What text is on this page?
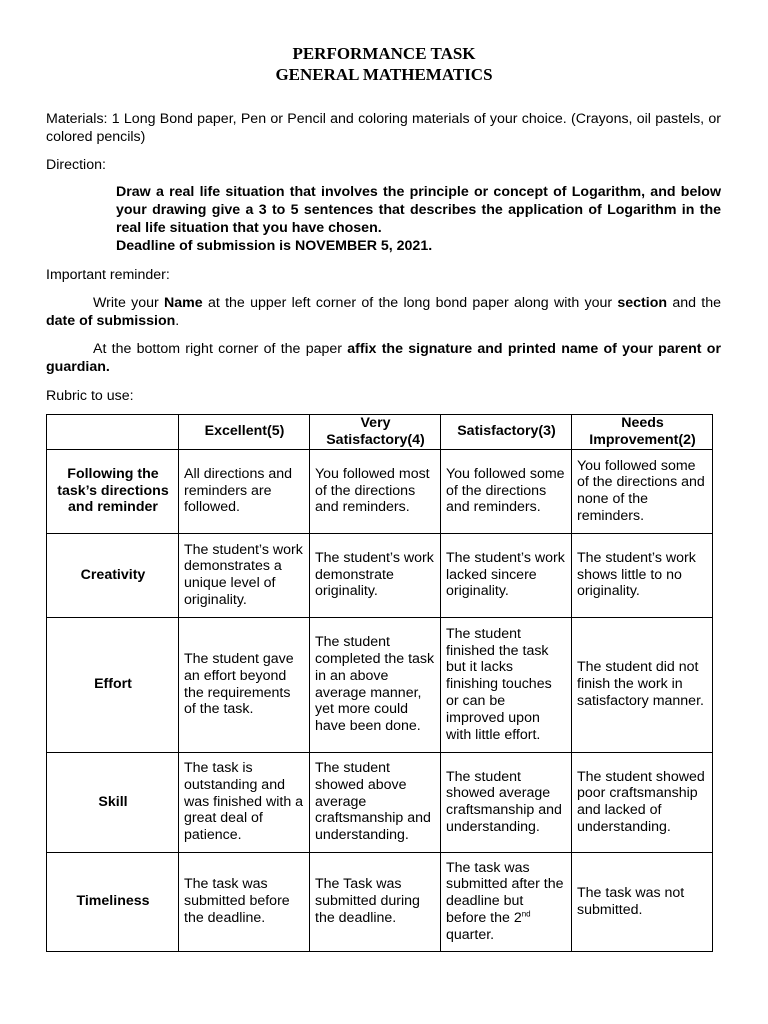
PERFORMANCE TASK
GENERAL MATHEMATICS
Materials: 1 Long Bond paper, Pen or Pencil and coloring materials of your choice. (Crayons, oil pastels, or colored pencils)
Direction:
Draw a real life situation that involves the principle or concept of Logarithm, and below your drawing give a 3 to 5 sentences that describes the application of Logarithm in the real life situation that you have chosen.
Deadline of submission is NOVEMBER 5, 2021.
Important reminder:
Write your Name at the upper left corner of the long bond paper along with your section and the date of submission.
At the bottom right corner of the paper affix the signature and printed name of your parent or guardian.
Rubric to use:
	Excellent(5)	Very Satisfactory(4)	Satisfactory(3)	Needs Improvement(2)
Following the task’s directions and reminder	All directions and reminders are followed.	You followed most of the directions and reminders.	You followed some of the directions and reminders.	You followed some of the directions and none of the reminders.
Creativity	The student’s work demonstrates a unique level of originality.	The student’s work demonstrate originality.	The student’s work lacked sincere originality.	The student’s work shows little to no originality.
Effort	The student gave an effort beyond the requirements of the task.	The student completed the task in an above average manner, yet more could have been done.	The student finished the task but it lacks finishing touches or can be improved upon with little effort.	The student did not finish the work in satisfactory manner.
Skill	The task is outstanding and was finished with a great deal of patience.	The student showed above average craftsmanship and understanding.	The student showed average craftsmanship and understanding.	The student showed poor craftsmanship and lacked of understanding.
Timeliness	The task was submitted before the deadline.	The Task was submitted during the deadline.	The task was submitted after the deadline but before the 2nd quarter.	The task was not submitted.
